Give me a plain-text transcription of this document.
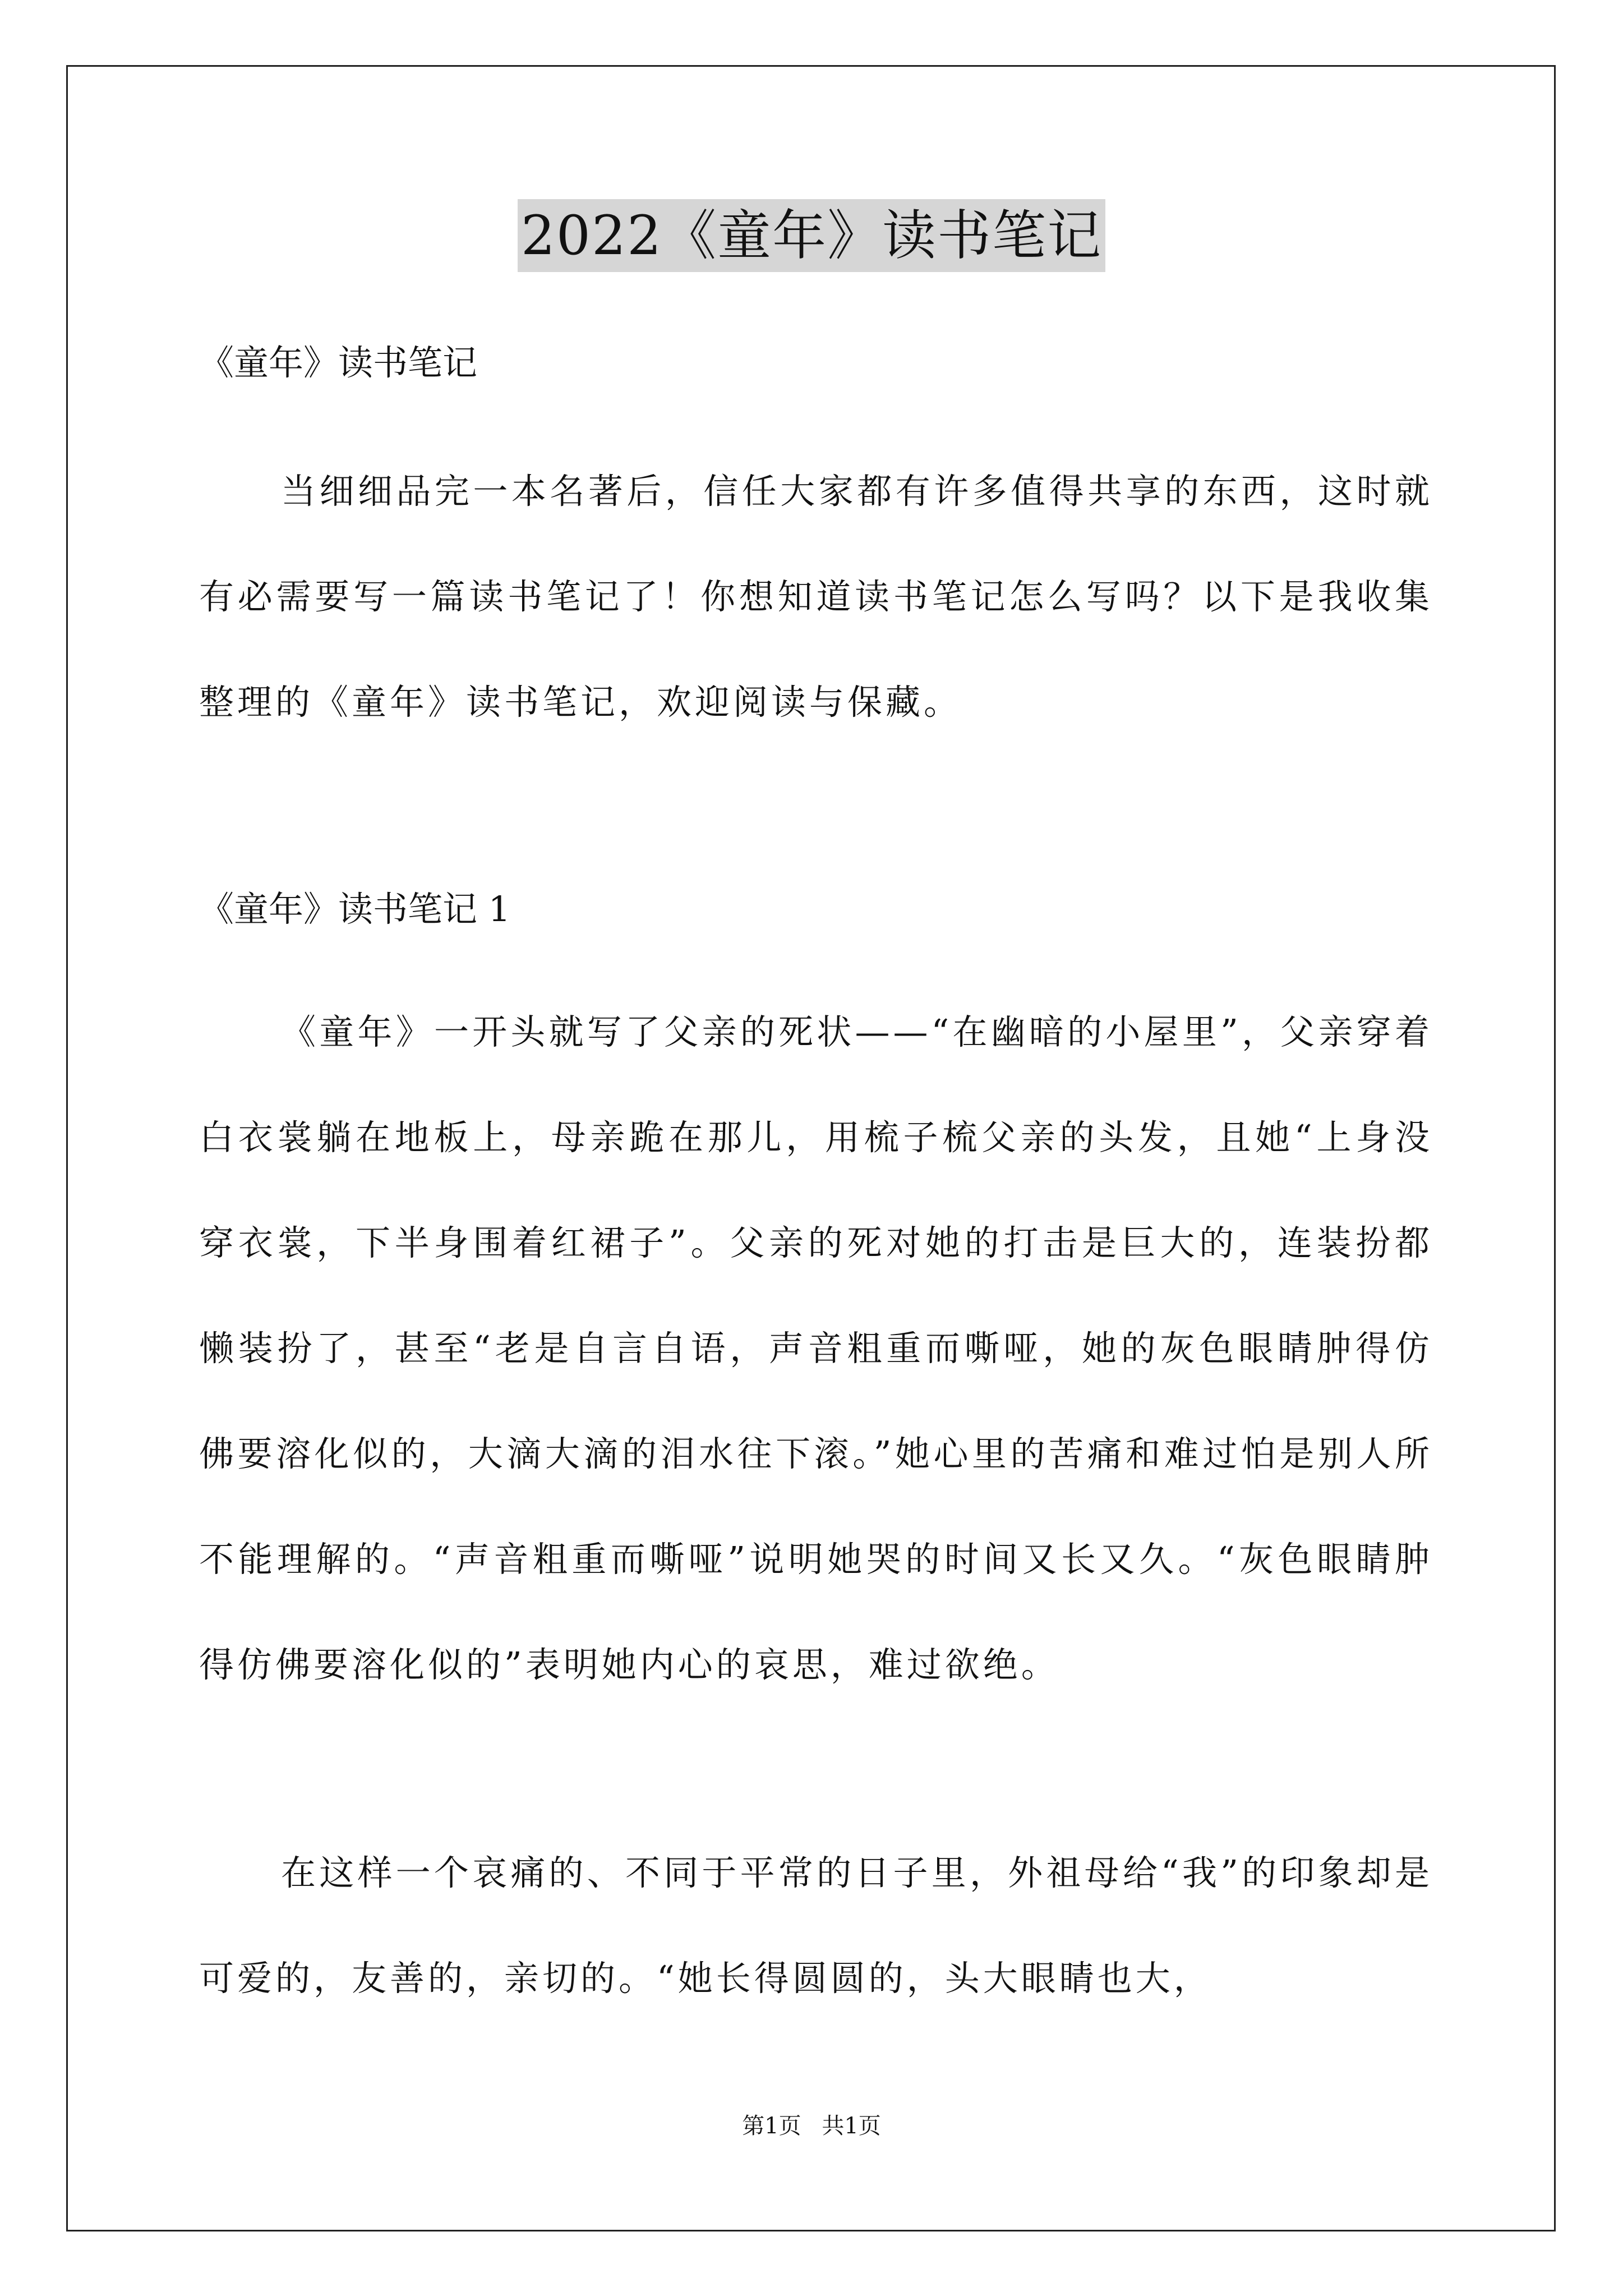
2022《童年》读书笔记
《童年》读书笔记
当细细品完一本名著后，信任大家都有许多值得共享的东西，这时就有必需要写一篇读书笔记了！你想知道读书笔记怎么写吗？以下是我收集整理的《童年》读书笔记，欢迎阅读与保藏。
《童年》读书笔记 1
《童年》一开头就写了父亲的死状——“在幽暗的小屋里”，父亲穿着白衣裳躺在地板上，母亲跪在那儿，用梳子梳父亲的头发，且她“上身没穿衣裳，下半身围着红裙子”。父亲的死对她的打击是巨大的，连装扮都懒装扮了，甚至“老是自言自语，声音粗重而嘶哑，她的灰色眼睛肿得仿佛要溶化似的，大滴大滴的泪水往下滚。”她心里的苦痛和难过怕是别人所不能理解的。“声音粗重而嘶哑”说明她哭的时间又长又久。“灰色眼睛肿得仿佛要溶化似的”表明她内心的哀思，难过欲绝。
在这样一个哀痛的、不同于平常的日子里，外祖母给“我”的印象却是可爱的，友善的，亲切的。“她长得圆圆的，头大眼睛也大，
第1页 共1页
